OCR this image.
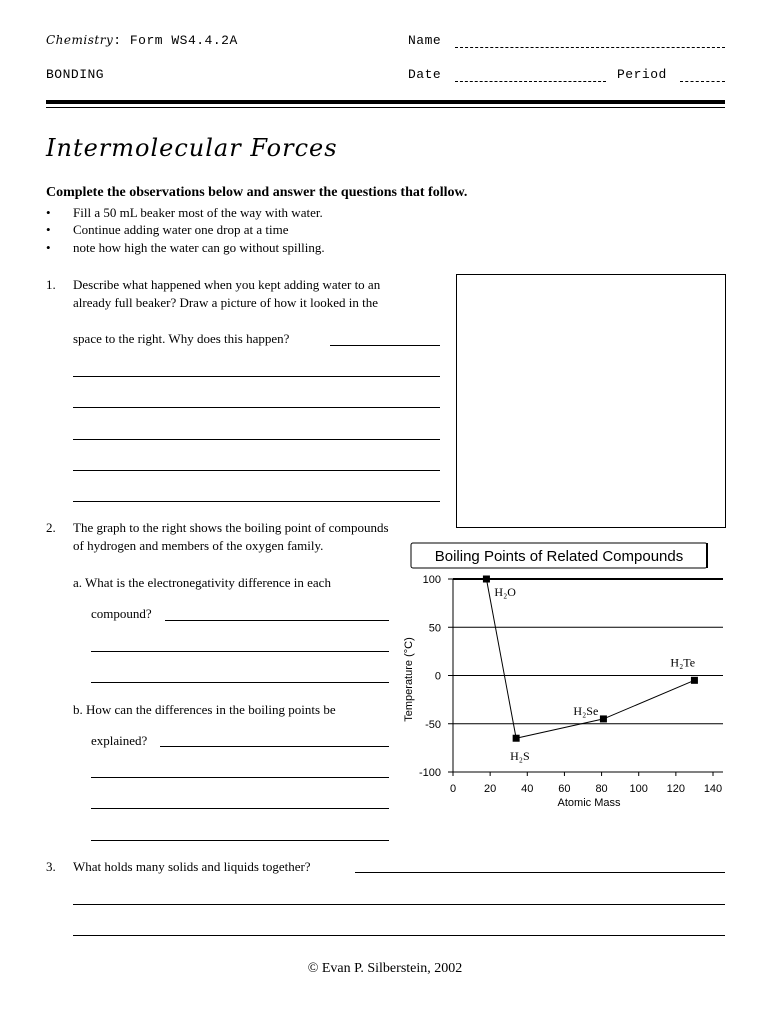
Chemistry: Form WS4.4.2A
BONDING
Name
Date	Period
Intermolecular Forces
Complete the observations below and answer the questions that follow.
• Fill a 50 mL beaker most of the way with water.
• Continue adding water one drop at a time
• note how high the water can go without spilling.
1. Describe what happened when you kept adding water to an
already full beaker? Draw a picture of how it looked in the
space to the right. Why does this happen?
2. The graph to the right shows the boiling point of compounds
of hydrogen and members of the oxygen family.
a. What is the electronegativity difference in each
compound?
b. How can the differences in the boiling points be
explained?
Boiling Points of Related Compounds
100
50
0
-50
-100
0	20 40 60 80 100 120 140
Atomic Mass
Temperature (°C)
H₂O
H₂S
H₂Se
H₂Te
3. What holds many solids and liquids together?
© Evan P. Silberstein, 2002
